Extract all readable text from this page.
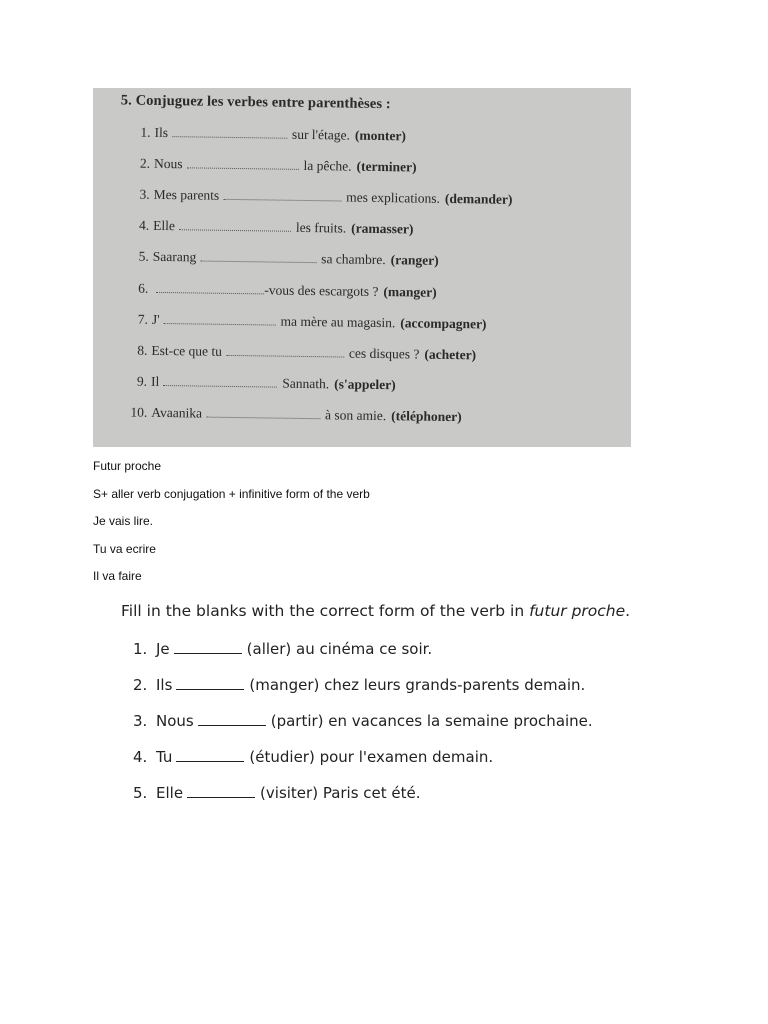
5. Conjuguez les verbes entre parenthèses :
1. Ils	sur l'étage. (monter)
2. Nous	la pêche. (terminer)
3. Mes parents	mes explications. (demander)
4. Elle	les fruits. (ramasser)
5. Saarang	sa chambre. (ranger)
6.	-vous des escargots ? (manger)
7. J'	ma mère au magasin. (accompagner)
8. Est-ce que tu	ces disques ? (acheter)
9. Il	Sannath. (s'appeler)
10. Avaanika	à son amie. (téléphoner)
Futur proche
S+ aller verb conjugation + infinitive form of the verb
Je vais lire.
Tu va ecrire
Il va faire
Fill in the blanks with the correct form of the verb in futur proche.
1. Je	(aller) au cinéma ce soir.
2. Ils	(manger) chez leurs grands-parents demain.
3. Nous	(partir) en vacances la semaine prochaine.
4. Tu	(étudier) pour l'examen demain.
5. Elle	(visiter) Paris cet été.
